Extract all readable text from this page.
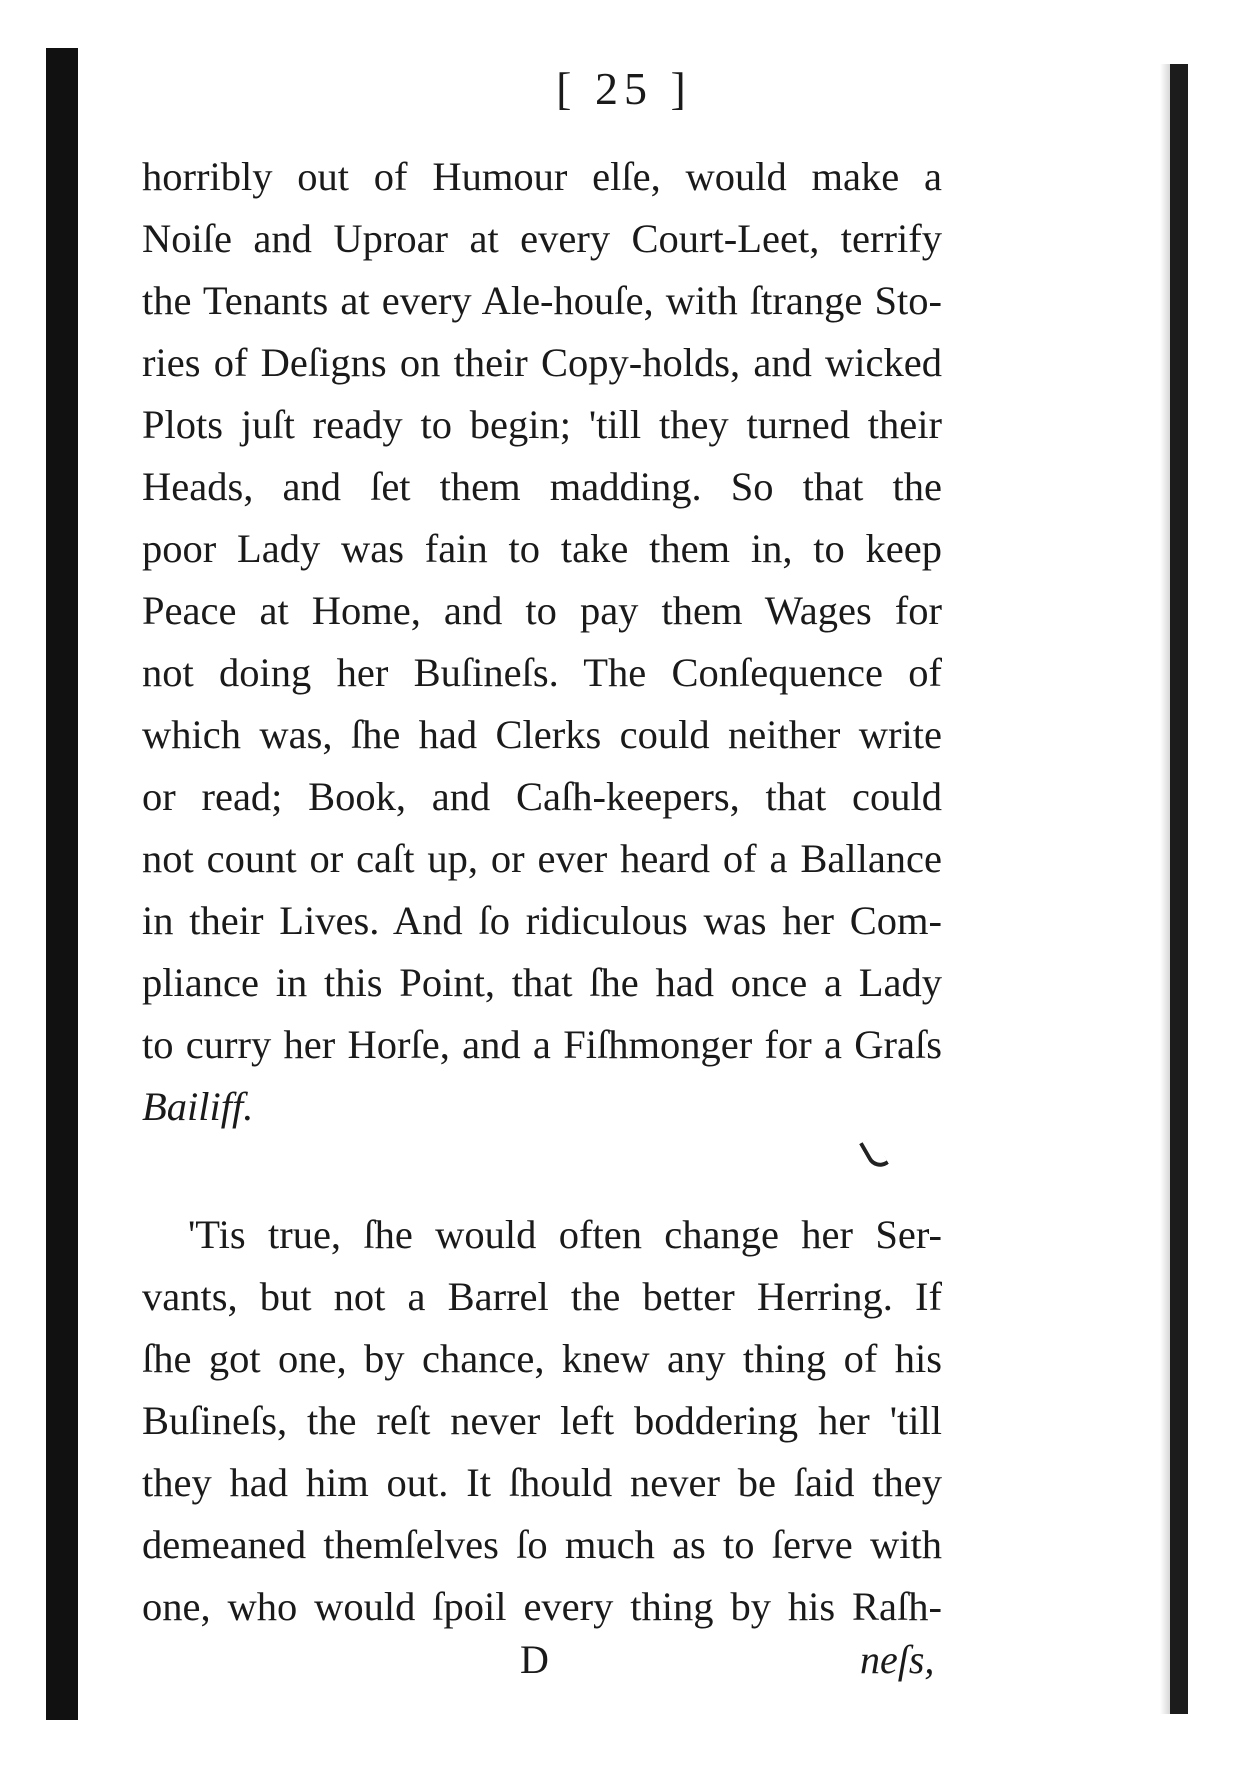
[ 25 ]
horribly out of Humour elſe, would make a
Noiſe and Uproar at every Court-Leet, terrify
the Tenants at every Ale-houſe, with ſtrange Sto-
ries of Deſigns on their Copy-holds, and wicked
Plots juſt ready to begin; 'till they turned their
Heads, and ſet them madding. So that the
poor Lady was fain to take them in, to keep
Peace at Home, and to pay them Wages for
not doing her Buſineſs. The Conſequence of
which was, ſhe had Clerks could neither write
or read; Book, and Caſh-keepers, that could
not count or caſt up, or ever heard of a Ballance
in their Lives. And ſo ridiculous was her Com-
pliance in this Point, that ſhe had once a Lady
to curry her Horſe, and a Fiſhmonger for a Graſs
Bailiff.
'Tis true, ſhe would often change her Ser-
vants, but not a Barrel the better Herring. If
ſhe got one, by chance, knew any thing of his
Buſineſs, the reſt never left boddering her 'till
they had him out. It ſhould never be ſaid they
demeaned themſelves ſo much as to ſerve with
one, who would ſpoil every thing by his Raſh-
D	neſs,
